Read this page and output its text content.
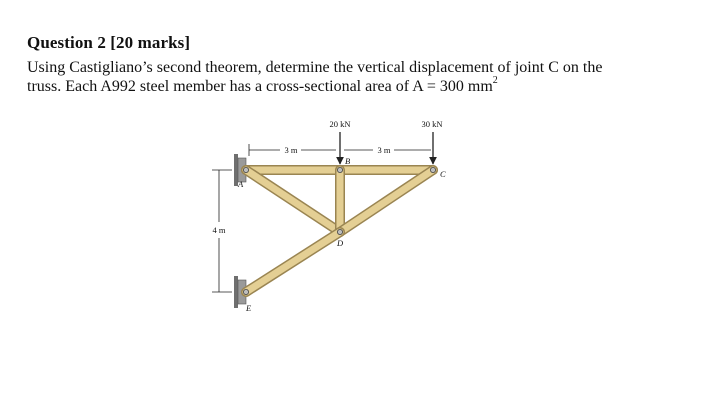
Question 2 [20 marks]
Using Castigliano’s second theorem, determine the vertical displacement of joint C on the
truss. Each A992 steel member has a cross-sectional area of A = 300 $mm^2$
20 kN	30 kN
3 m	3 m
4 m
A
B
C
D
E
